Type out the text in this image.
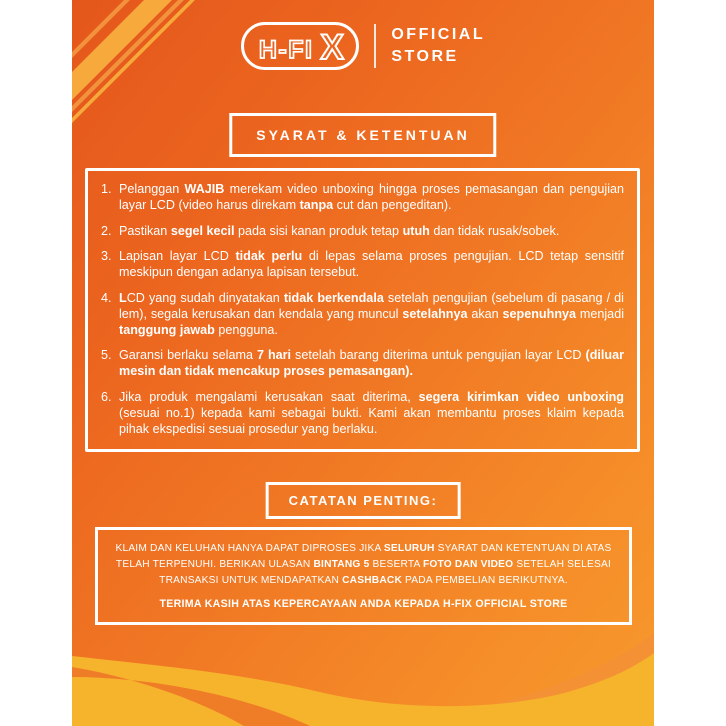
H-FI X	OFFICIAL
STORE
SYARAT & KETENTUAN
1. Pelanggan WAJIB merekam video unboxing hingga proses pemasangan dan pengujian layar LCD (video harus direkam tanpa cut dan pengeditan).
2. Pastikan segel kecil pada sisi kanan produk tetap utuh dan tidak rusak/sobek.
3. Lapisan layar LCD tidak perlu di lepas selama proses pengujian. LCD tetap sensitif meskipun dengan adanya lapisan tersebut.
4. LCD yang sudah dinyatakan tidak berkendala setelah pengujian (sebelum di pasang / di lem), segala kerusakan dan kendala yang muncul setelahnya akan sepenuhnya menjadi tanggung jawab pengguna.
5. Garansi berlaku selama 7 hari setelah barang diterima untuk pengujian layar LCD (diluar mesin dan tidak mencakup proses pemasangan).
6. Jika produk mengalami kerusakan saat diterima, segera kirimkan video unboxing (sesuai no.1) kepada kami sebagai bukti. Kami akan membantu proses klaim kepada pihak ekspedisi sesuai prosedur yang berlaku.
CATATAN PENTING:

KLAIM DAN KELUHAN HANYA DAPAT DIPROSES JIKA SELURUH SYARAT DAN KETENTUAN DI ATAS TELAH TERPENUHI. BERIKAN ULASAN BINTANG 5 BESERTA FOTO DAN VIDEO SETELAH SELESAI TRANSAKSI UNTUK MENDAPATKAN CASHBACK PADA PEMBELIAN BERIKUTNYA.

TERIMA KASIH ATAS KEPERCAYAAN ANDA KEPADA H-FIX OFFICIAL STORE
